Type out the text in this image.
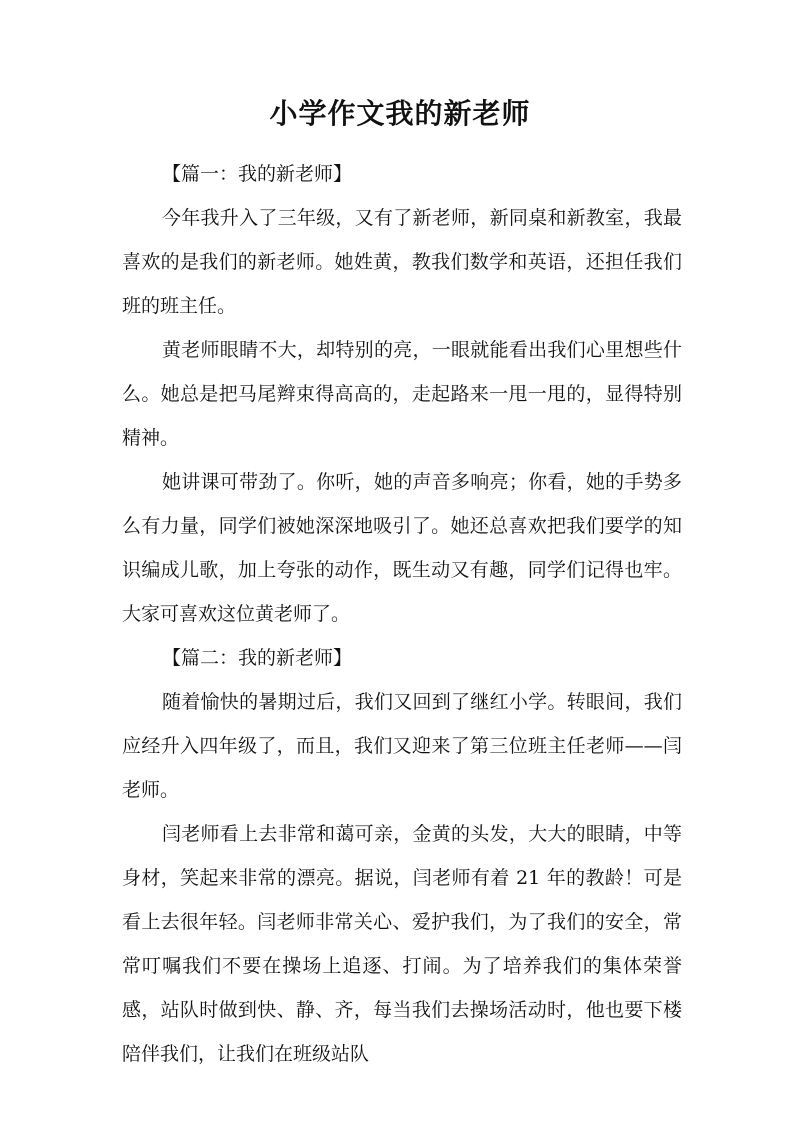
小学作文我的新老师

【篇一：我的新老师】

今年我升入了三年级，又有了新老师，新同桌和新教室，我最喜欢的是我们的新老师。她姓黄，教我们数学和英语，还担任我们班的班主任。

黄老师眼睛不大，却特别的亮，一眼就能看出我们心里想些什么。她总是把马尾辫束得高高的，走起路来一甩一甩的，显得特别精神。

她讲课可带劲了。你听，她的声音多响亮；你看，她的手势多么有力量，同学们被她深深地吸引了。她还总喜欢把我们要学的知识编成儿歌，加上夸张的动作，既生动又有趣，同学们记得也牢。大家可喜欢这位黄老师了。

【篇二：我的新老师】

随着愉快的暑期过后，我们又回到了继红小学。转眼间，我们应经升入四年级了，而且，我们又迎来了第三位班主任老师——闫老师。

闫老师看上去非常和蔼可亲，金黄的头发，大大的眼睛，中等身材，笑起来非常的漂亮。据说，闫老师有着 21 年的教龄！可是看上去很年轻。闫老师非常关心、爱护我们，为了我们的安全，常常叮嘱我们不要在操场上追逐、打闹。为了培养我们的集体荣誉感，站队时做到快、静、齐，每当我们去操场活动时，他也要下楼陪伴我们，让我们在班级站队
